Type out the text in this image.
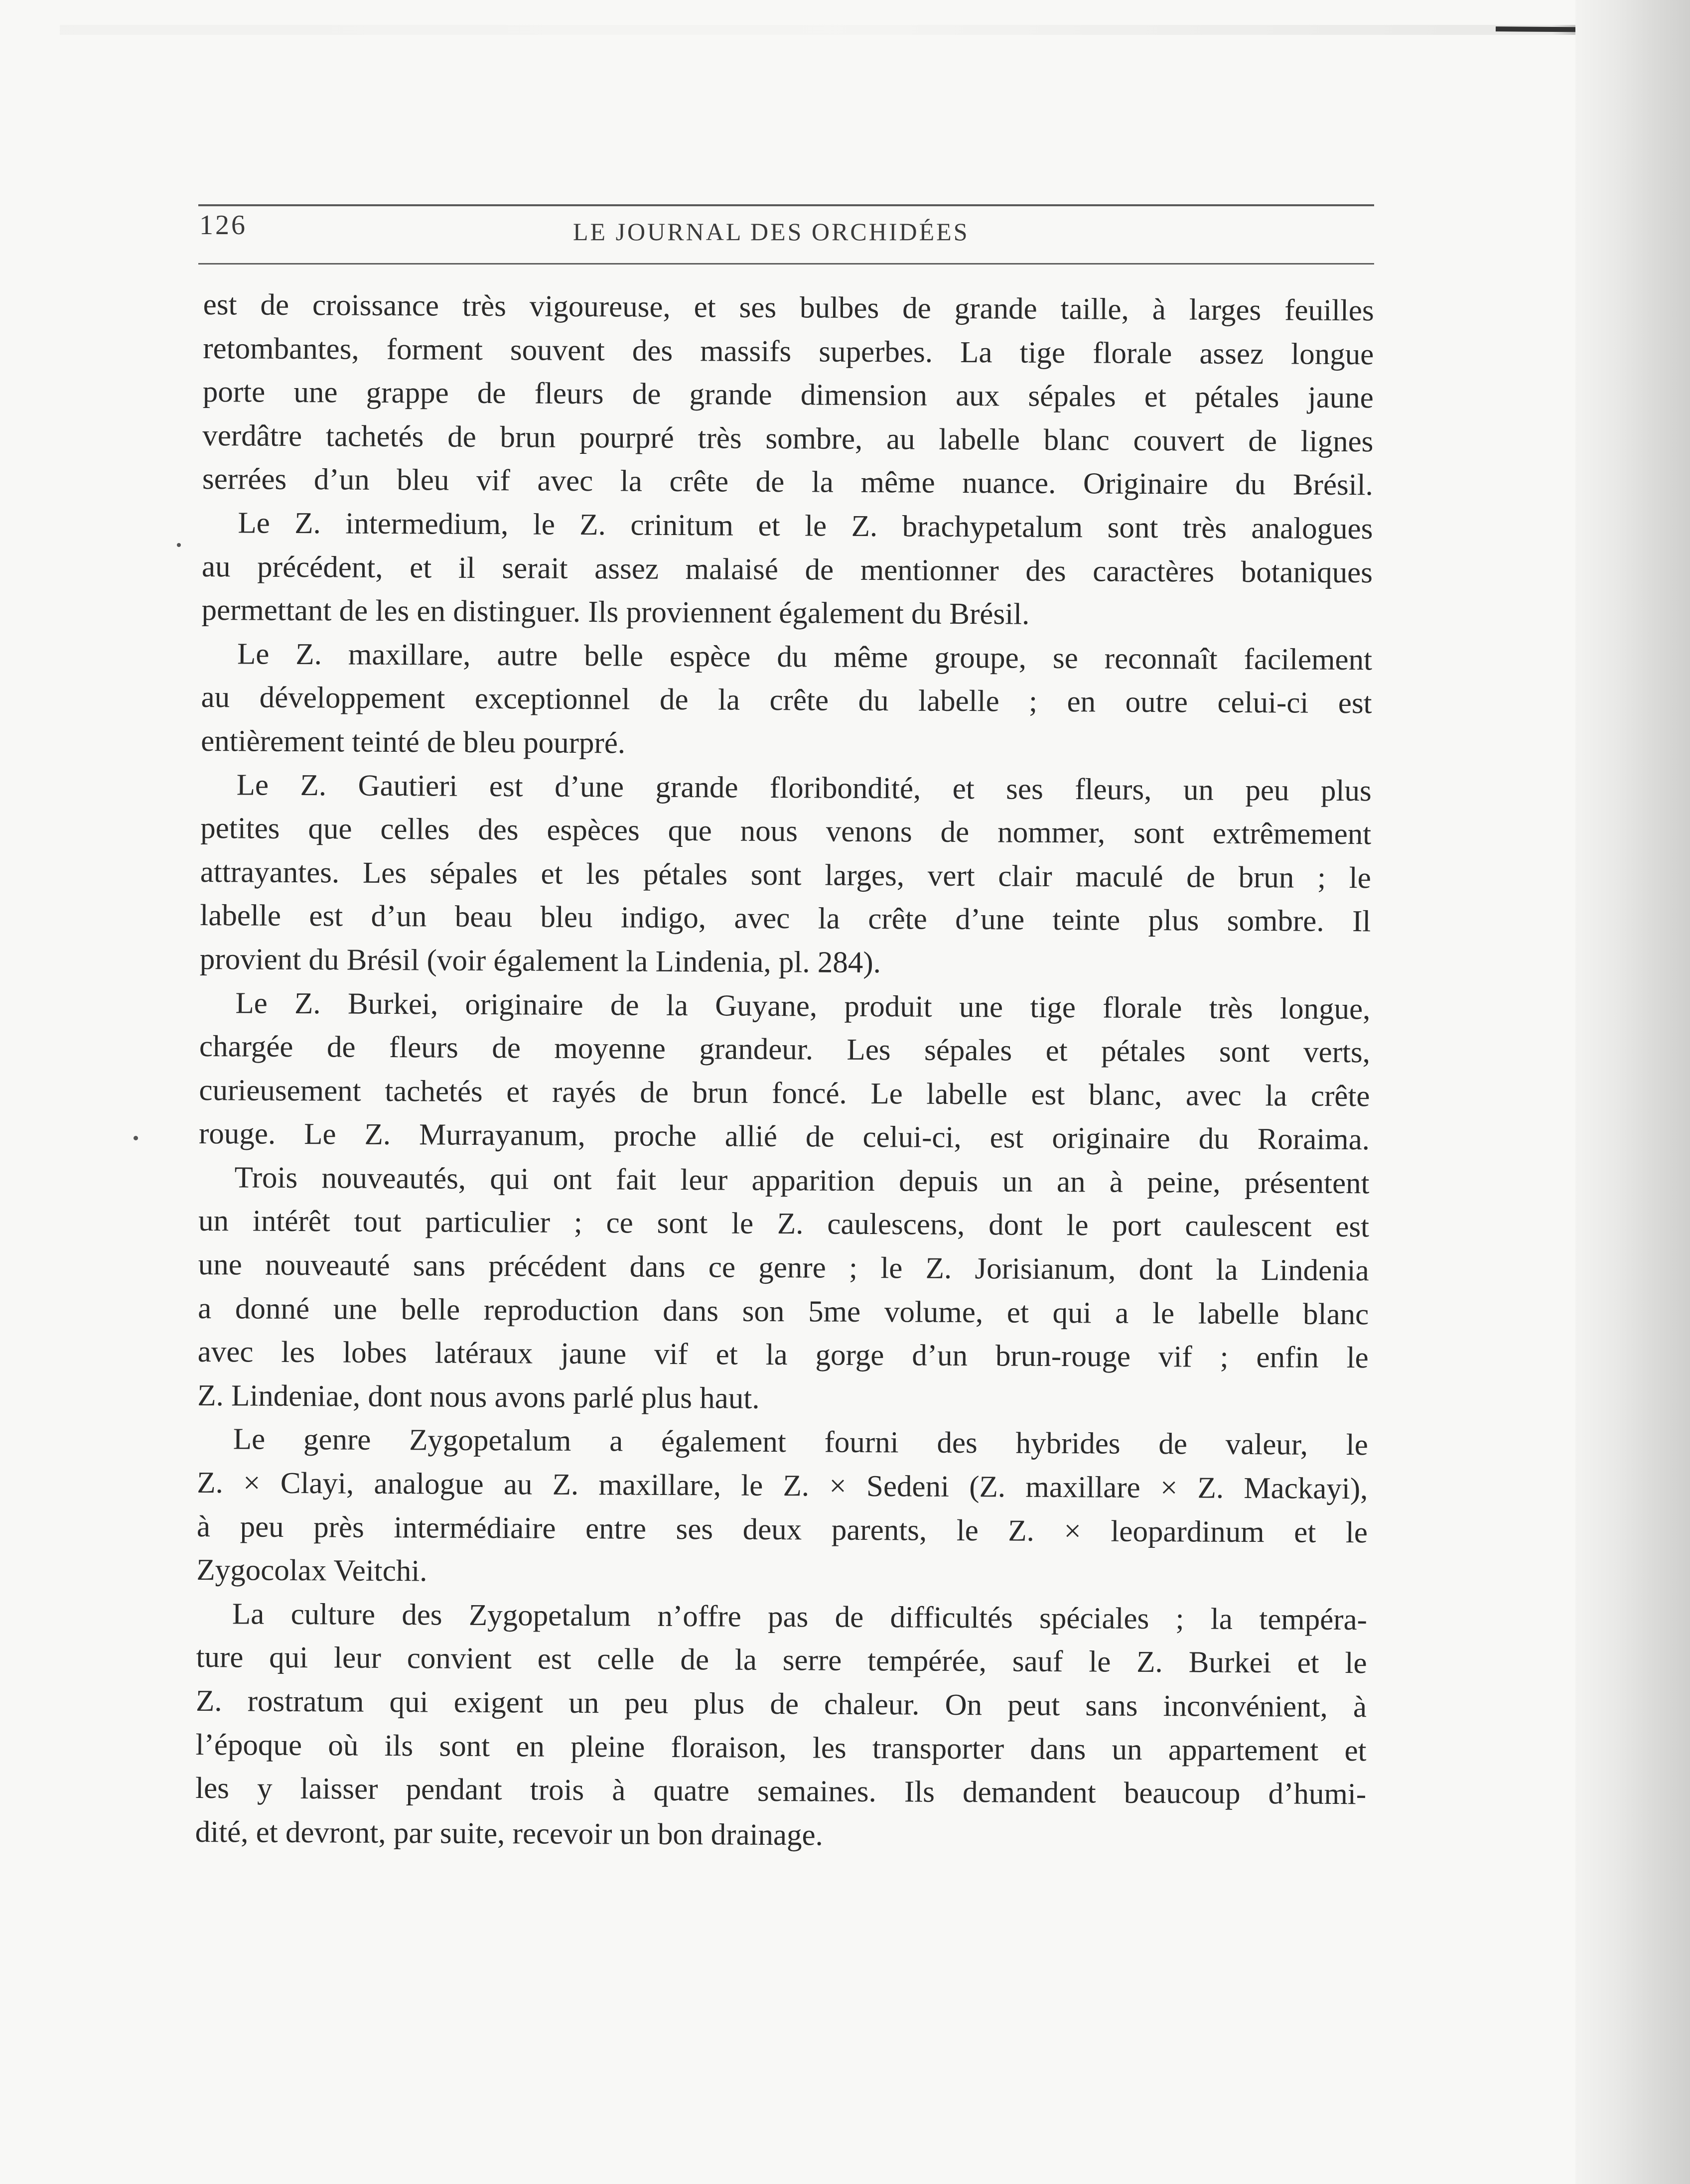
126	LE JOURNAL DES ORCHIDÉES
est de croissance très vigoureuse, et ses bulbes de grande taille, à larges feuilles
retombantes, forment souvent des massifs superbes. La tige florale assez longue
porte une grappe de fleurs de grande dimension aux sépales et pétales jaune
verdâtre tachetés de brun pourpré très sombre, au labelle blanc couvert de lignes
serrées d’un bleu vif avec la crête de la même nuance. Originaire du Brésil.
Le Z. intermedium, le Z. crinitum et le Z. brachypetalum sont très analogues
au précédent, et il serait assez malaisé de mentionner des caractères botaniques
permettant de les en distinguer. Ils proviennent également du Brésil.
Le Z. maxillare, autre belle espèce du même groupe, se reconnaît facilement
au développement exceptionnel de la crête du labelle ; en outre celui-ci est
entièrement teinté de bleu pourpré.
Le Z. Gautieri est d’une grande floribondité, et ses fleurs, un peu plus
petites que celles des espèces que nous venons de nommer, sont extrêmement
attrayantes. Les sépales et les pétales sont larges, vert clair maculé de brun ; le
labelle est d’un beau bleu indigo, avec la crête d’une teinte plus sombre. Il
provient du Brésil (voir également la Lindenia, pl. 284).
Le Z. Burkei, originaire de la Guyane, produit une tige florale très longue,
chargée de fleurs de moyenne grandeur. Les sépales et pétales sont verts,
curieusement tachetés et rayés de brun foncé. Le labelle est blanc, avec la crête
rouge. Le Z. Murrayanum, proche allié de celui-ci, est originaire du Roraima.
Trois nouveautés, qui ont fait leur apparition depuis un an à peine, présentent
un intérêt tout particulier ; ce sont le Z. caulescens, dont le port caulescent est
une nouveauté sans précédent dans ce genre ; le Z. Jorisianum, dont la Lindenia
a donné une belle reproduction dans son 5me volume, et qui a le labelle blanc
avec les lobes latéraux jaune vif et la gorge d’un brun-rouge vif ; enfin le
Z. Lindeniae, dont nous avons parlé plus haut.
Le genre Zygopetalum a également fourni des hybrides de valeur, le
Z. × Clayi, analogue au Z. maxillare, le Z. × Sedeni (Z. maxillare × Z. Mackayi),
à peu près intermédiaire entre ses deux parents, le Z. × leopardinum et le
Zygocolax Veitchi.
La culture des Zygopetalum n’offre pas de difficultés spéciales ; la tempéra-
ture qui leur convient est celle de la serre tempérée, sauf le Z. Burkei et le
Z. rostratum qui exigent un peu plus de chaleur. On peut sans inconvénient, à
l’époque où ils sont en pleine floraison, les transporter dans un appartement et
les y laisser pendant trois à quatre semaines. Ils demandent beaucoup d’humi-
dité, et devront, par suite, recevoir un bon drainage.
